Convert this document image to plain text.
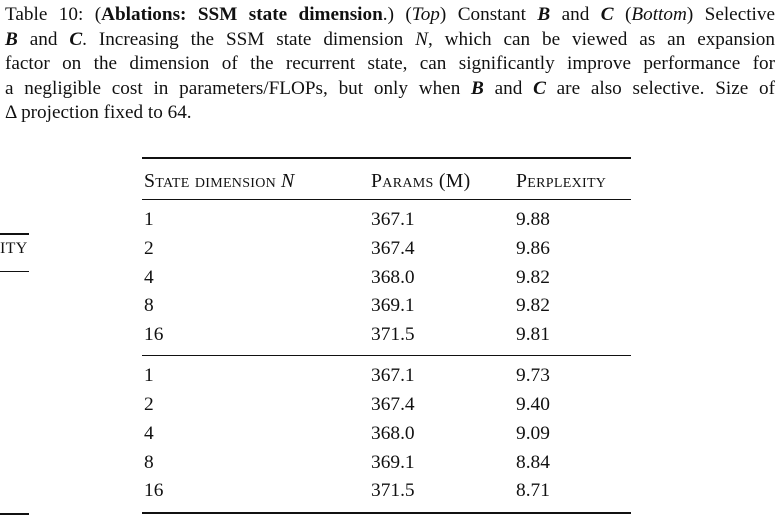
Table 10: (Ablations: SSM state dimension.) (Top) Constant B and C (Bottom) Selective
B and C. Increasing the SSM state dimension N, which can be viewed as an expansion
factor on the dimension of the recurrent state, can significantly improve performance for
a negligible cost in parameters/FLOPs, but only when B and C are also selective. Size of
Δ projection fixed to 64.
ITY
State dimension N	Params (M) Perplexity
1	367.1	9.88
2	367.4	9.86
4	368.0	9.82
8	369.1	9.82
16	371.5	9.81
1	367.1	9.73
2	367.4	9.40
4	368.0	9.09
8	369.1	8.84
16	371.5	8.71
